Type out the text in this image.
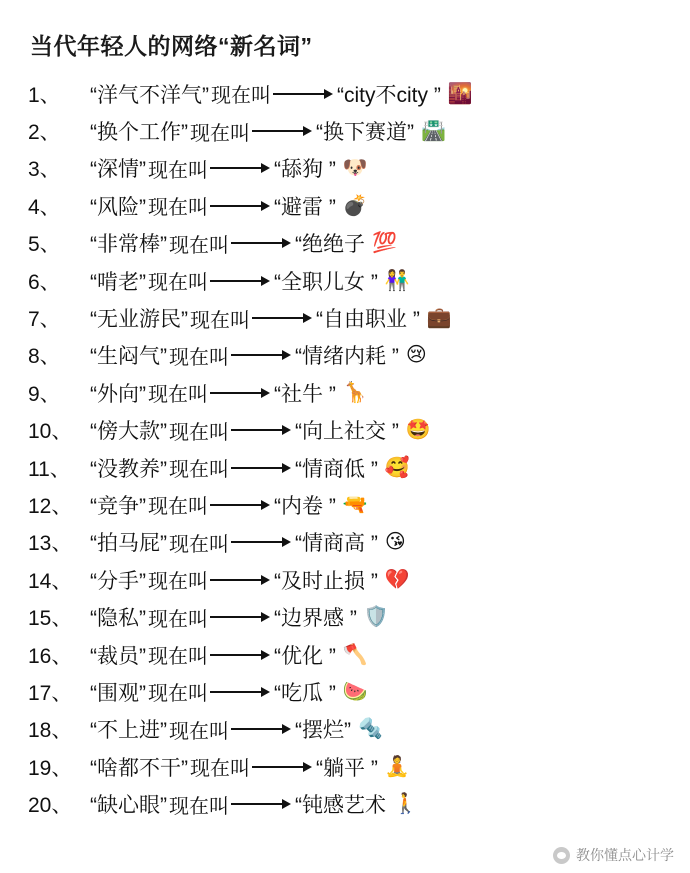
当代年轻人的网络“新名词”
1、	“洋气不洋气” 现在叫	“city不city ” 🌇
2、	“换个工作” 现在叫	“换下赛道” 🛣️
3、	“深情” 现在叫	“舔狗 ” 🐶
4、	“风险” 现在叫	“避雷 ” 💣
5、	“非常棒” 现在叫	“绝绝子 💯
6、	“啃老” 现在叫	“全职儿女 ” 👫
7、	“无业游民” 现在叫	“自由职业 ” 💼
8、	“生闷气” 现在叫	“情绪内耗 ” 😢
9、	“外向” 现在叫	“社牛 ” 🦒
10、 “傍大款” 现在叫	“向上社交 ” 🤩
11、 “没教养” 现在叫	“情商低 ” 🥰
12、 “竞争” 现在叫	“内卷 ” 🔫
13、 “拍马屁” 现在叫	“情商高 ” 😘
14、 “分手” 现在叫	“及时止损 ” 💔
15、 “隐私” 现在叫	“边界感 ” 🛡️
16、 “裁员” 现在叫	“优化 ” 🪓
17、 “围观” 现在叫	“吃瓜 ” 🍉
18、 “不上进” 现在叫	“摆烂” 🔩
19、 “啥都不干” 现在叫	“躺平 ” 🧘
20、 “缺心眼” 现在叫	“钝感艺术 🚶
教你懂点心计学
